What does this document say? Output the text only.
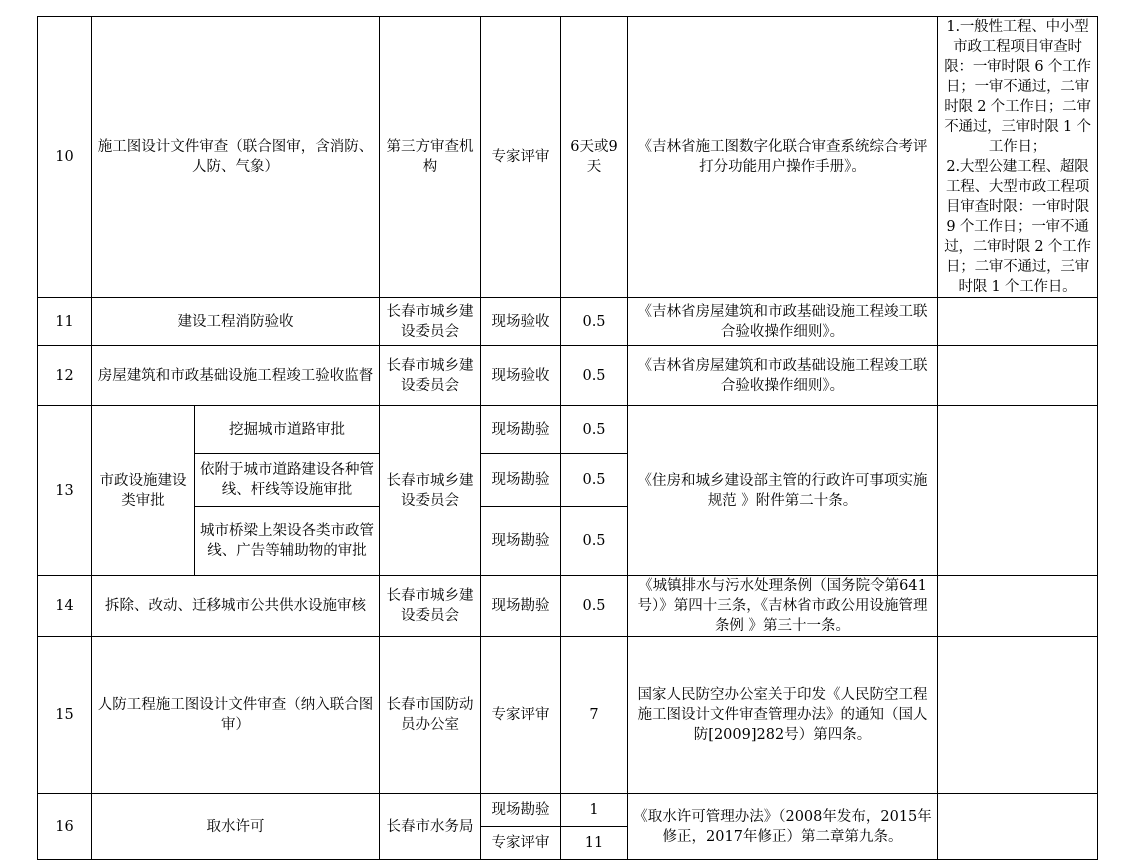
10	施工图设计文件审查（联合图审，含消防、人防、气象）		第三方审查机构	专家评审	6天或9天	《吉林省施工图数字化联合审查系统综合考评打分功能用户操作手册》。	1.一般性工程、中小型市政工程项目审查时限：一审时限 6 个工作日；一审不通过，二审时限 2 个工作日；二审不通过，三审时限 1 个工作日；
2.大型公建工程、超限工程、大型市政工程项目审查时限：一审时限 9 个工作日；一审不通过，二审时限 2 个工作日；二审不通过，三审时限 1 个工作日。
11	建设工程消防验收		长春市城乡建设委员会	现场验收	0.5	《吉林省房屋建筑和市政基础设施工程竣工联合验收操作细则》。	
12	房屋建筑和市政基础设施工程竣工验收监督		长春市城乡建设委员会	现场验收	0.5	《吉林省房屋建筑和市政基础设施工程竣工联合验收操作细则》。	
13	市政设施建设类审批	挖掘城市道路审批	长春市城乡建设委员会	现场勘验	0.5	《住房和城乡建设部主管的行政许可事项实施规范 》附件第二十条。	
		依附于城市道路建设各种管线、杆线等设施审批		现场勘验	0.5		
		城市桥梁上架设各类市政管线、广告等辅助物的审批		现场勘验	0.5		
14	拆除、改动、迁移城市公共供水设施审核		长春市城乡建设委员会	现场勘验	0.5	《城镇排水与污水处理条例（国务院令第641号）》第四十三条，《吉林省市政公用设施管理条例 》第三十一条。	
15	人防工程施工图设计文件审查（纳入联合图审）		长春市国防动员办公室	专家评审	7	国家人民防空办公室关于印发《人民防空工程施工图设计文件审查管理办法》的通知（国人防[2009]282号）第四条。	
16	取水许可		长春市水务局	现场勘验	1	《取水许可管理办法》（2008年发布，2015年修正，2017年修正）第二章第九条。	
				专家评审	11		
